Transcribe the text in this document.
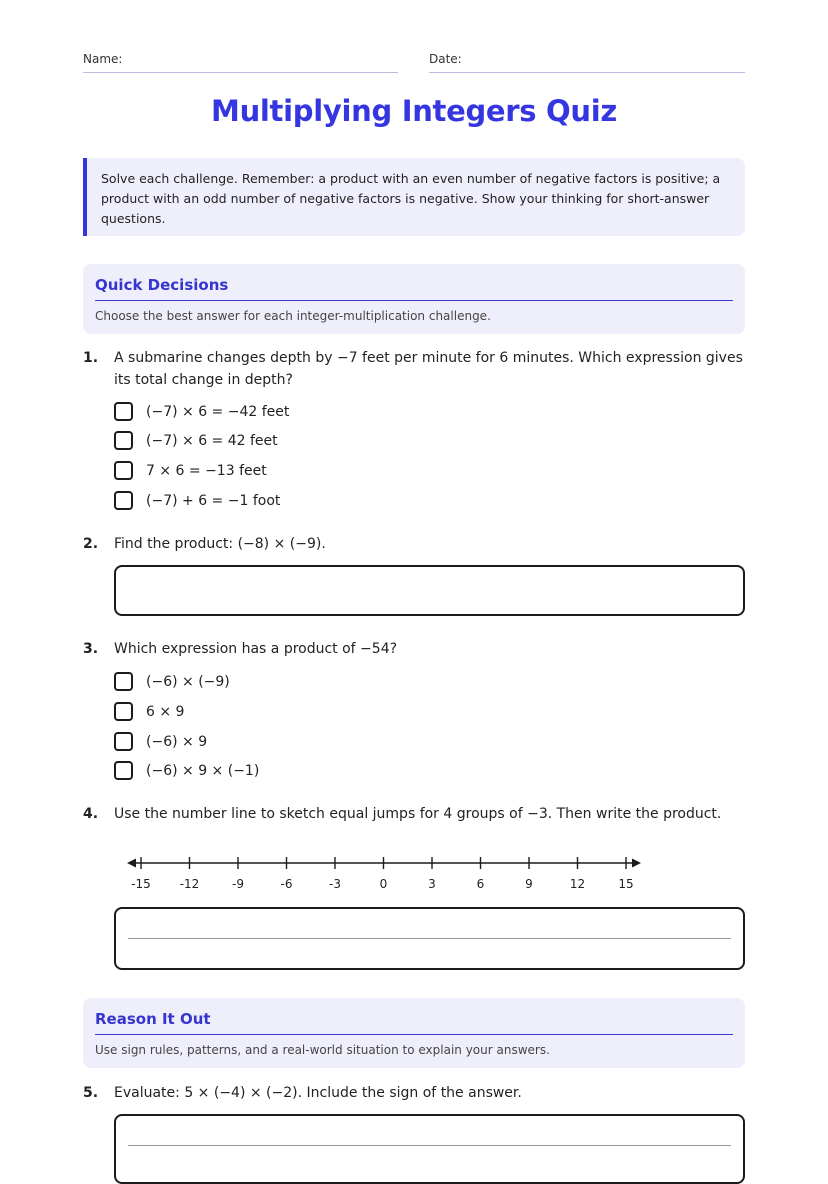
Name:	Date:
Multiplying Integers Quiz
Solve each challenge. Remember: a product with an even number of negative factors is positive; a product with an odd number of negative factors is negative. Show your thinking for short-answer questions.
Quick Decisions
Choose the best answer for each integer-multiplication challenge.
1. A submarine changes depth by −7 feet per minute for 6 minutes. Which expression gives its total change in depth?
(−7) × 6 = −42 feet
(−7) × 6 = 42 feet
7 × 6 = −13 feet
(−7) + 6 = −1 foot
2. Find the product: (−8) × (−9).
3. Which expression has a product of −54?
(−6) × (−9)
6 × 9
(−6) × 9
(−6) × 9 × (−1)
4. Use the number line to sketch equal jumps for 4 groups of −3. Then write the product.
-15 -12	-9	-6	-3	0	3	6	9	12	15
Reason It Out
Use sign rules, patterns, and a real-world situation to explain your answers.
5. Evaluate: 5 × (−4) × (−2). Include the sign of the answer.
